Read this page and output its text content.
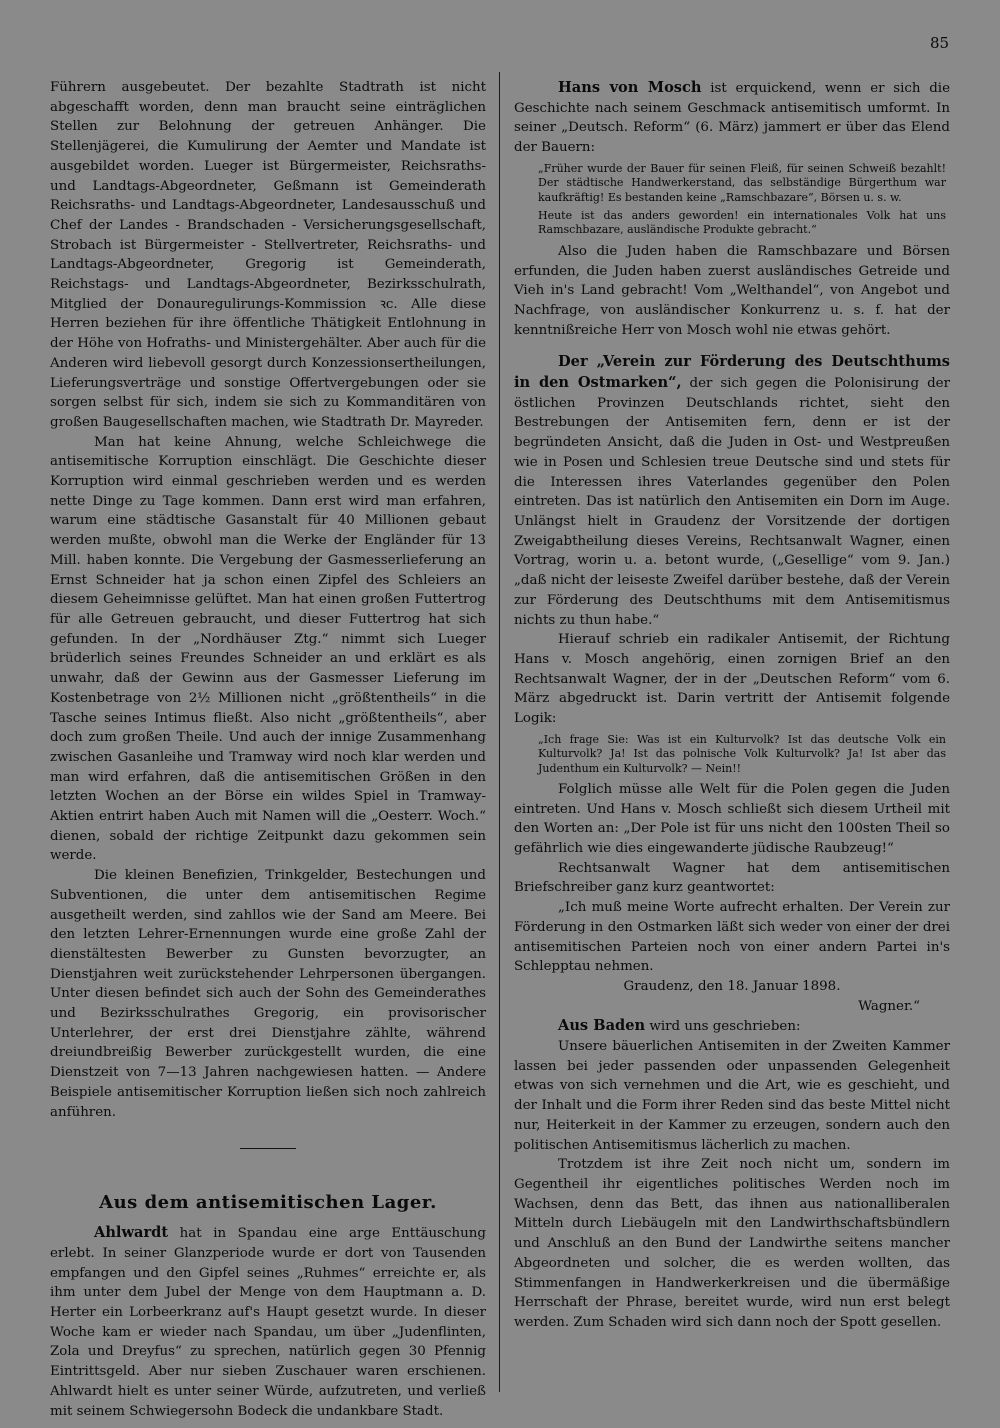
85

Führern ausgebeutet. Der bezahlte Stadtrath ist nicht abgeschafft worden, denn man braucht seine einträglichen Stellen zur Belohnung der getreuen Anhänger. Die Stellenjägerei, die Kumulirung der Aemter und Mandate ist ausgebildet worden. Lueger ist Bürgermeister, Reichsraths- und Landtags-Abgeordneter, Geßmann ist Gemeinderath Reichsraths- und Landtags-Abgeordneter, Landesausschuß und Chef der Landes - Brandschaden - Versicherungsgesellschaft, Strobach ist Bürgermeister - Stellvertreter, Reichsraths- und Landtags-Abgeordneter, Gregorig ist Gemeinderath, Reichstags- und Landtags-Abgeordneter, Bezirksschulrath, Mitglied der Donauregulirungs-Kommission ꝛc. Alle diese Herren beziehen für ihre öffentliche Thätigkeit Entlohnung in der Höhe von Hofraths- und Ministergehälter. Aber auch für die Anderen wird liebevoll gesorgt durch Konzessionsertheilungen, Lieferungsverträge und sonstige Offertvergebungen oder sie sorgen selbst für sich, indem sie sich zu Kommanditären von großen Baugesellschaften machen, wie Stadtrath Dr. Mayreder.

Man hat keine Ahnung, welche Schleichwege die antisemitische Korruption einschlägt. Die Geschichte dieser Korruption wird einmal geschrieben werden und es werden nette Dinge zu Tage kommen. Dann erst wird man erfahren, warum eine städtische Gasanstalt für 40 Millionen gebaut werden mußte, obwohl man die Werke der Engländer für 13 Mill. haben konnte. Die Vergebung der Gasmesserlieferung an Ernst Schneider hat ja schon einen Zipfel des Schleiers an diesem Geheimnisse gelüftet. Man hat einen großen Futtertrog für alle Getreuen gebraucht, und dieser Futtertrog hat sich gefunden. In der „Nordhäuser Ztg.“ nimmt sich Lueger brüderlich seines Freundes Schneider an und erklärt es als unwahr, daß der Gewinn aus der Gasmesser Lieferung im Kostenbetrage von 2½ Millionen nicht „größtentheils“ in die Tasche seines Intimus fließt. Also nicht „größtentheils“, aber doch zum großen Theile. Und auch der innige Zusammenhang zwischen Gasanleihe und Tramway wird noch klar werden und man wird erfahren, daß die antisemitischen Größen in den letzten Wochen an der Börse ein wildes Spiel in Tramway-Aktien entrirt haben Auch mit Namen will die „Oesterr. Woch.“ dienen, sobald der richtige Zeitpunkt dazu gekommen sein werde.

Die kleinen Benefizien, Trinkgelder, Bestechungen und Subventionen, die unter dem antisemitischen Regime ausgetheilt werden, sind zahllos wie der Sand am Meere. Bei den letzten Lehrer-Ernennungen wurde eine große Zahl der dienstältesten Bewerber zu Gunsten bevorzugter, an Dienstjahren weit zurückstehender Lehrpersonen übergangen. Unter diesen befindet sich auch der Sohn des Gemeinderathes und Bezirksschulrathes Gregorig, ein provisorischer Unterlehrer, der erst drei Dienstjahre zählte, während dreiundbreißig Bewerber zurückgestellt wurden, die eine Dienstzeit von 7—13 Jahren nachgewiesen hatten. — Andere Beispiele antisemitischer Korruption ließen sich noch zahlreich anführen.

Aus dem antisemitischen Lager.

Ahlwardt hat in Spandau eine arge Enttäuschung erlebt. In seiner Glanzperiode wurde er dort von Tausenden empfangen und den Gipfel seines „Ruhmes“ erreichte er, als ihm unter dem Jubel der Menge von dem Hauptmann a. D. Herter ein Lorbeerkranz auf's Haupt gesetzt wurde. In dieser Woche kam er wieder nach Spandau, um über „Judenflinten, Zola und Dreyfus“ zu sprechen, natürlich gegen 30 Pfennig Eintrittsgeld. Aber nur sieben Zuschauer waren erschienen. Ahlwardt hielt es unter seiner Würde, aufzutreten, und verließ mit seinem Schwiegersohn Bodeck die undankbare Stadt.

Hans von Mosch ist erquickend, wenn er sich die Geschichte nach seinem Geschmack antisemitisch umformt. In seiner „Deutsch. Reform“ (6. März) jammert er über das Elend der Bauern:

„Früher wurde der Bauer für seinen Fleiß, für seinen Schweiß bezahlt! Der städtische Handwerkerstand, das selbständige Bürgerthum war kaufkräftig! Es bestanden keine „Ramschbazare“, Börsen u. s. w.
Heute ist das anders geworden! ein internationales Volk hat uns Ramschbazare, ausländische Produkte gebracht.“

Also die Juden haben die Ramschbazare und Börsen erfunden, die Juden haben zuerst ausländisches Getreide und Vieh in's Land gebracht! Vom „Welthandel“, von Angebot und Nachfrage, von ausländischer Konkurrenz u. s. f. hat der kenntnißreiche Herr von Mosch wohl nie etwas gehört.

Der „Verein zur Förderung des Deutschthums in den Ostmarken“, der sich gegen die Polonisirung der östlichen Provinzen Deutschlands richtet, sieht den Bestrebungen der Antisemiten fern, denn er ist der begründeten Ansicht, daß die Juden in Ost- und Westpreußen wie in Posen und Schlesien treue Deutsche sind und stets für die Interessen ihres Vaterlandes gegenüber den Polen eintreten. Das ist natürlich den Antisemiten ein Dorn im Auge. Unlängst hielt in Graudenz der Vorsitzende der dortigen Zweigabtheilung dieses Vereins, Rechtsanwalt Wagner, einen Vortrag, worin u. a. betont wurde, („Gesellige“ vom 9. Jan.) „daß nicht der leiseste Zweifel darüber bestehe, daß der Verein zur Förderung des Deutschthums mit dem Antisemitismus nichts zu thun habe.“

Hierauf schrieb ein radikaler Antisemit, der Richtung Hans v. Mosch angehörig, einen zornigen Brief an den Rechtsanwalt Wagner, der in der „Deutschen Reform“ vom 6. März abgedruckt ist. Darin vertritt der Antisemit folgende Logik:

„Ich frage Sie: Was ist ein Kulturvolk? Ist das deutsche Volk ein Kulturvolk? Ja! Ist das polnische Volk Kulturvolk? Ja! Ist aber das Judenthum ein Kulturvolk? — Nein!!

Folglich müsse alle Welt für die Polen gegen die Juden eintreten. Und Hans v. Mosch schließt sich diesem Urtheil mit den Worten an: „Der Pole ist für uns nicht den 100sten Theil so gefährlich wie dies eingewanderte jüdische Raubzeug!“

Rechtsanwalt Wagner hat dem antisemitischen Briefschreiber ganz kurz geantwortet:

„Ich muß meine Worte aufrecht erhalten. Der Verein zur Förderung in den Ostmarken läßt sich weder von einer der drei antisemitischen Parteien noch von einer andern Partei in's Schlepptau nehmen.

Graudenz, den 18. Januar 1898.

Wagner.“

Aus Baden wird uns geschrieben:

Unsere bäuerlichen Antisemiten in der Zweiten Kammer lassen bei jeder passenden oder unpassenden Gelegenheit etwas von sich vernehmen und die Art, wie es geschieht, und der Inhalt und die Form ihrer Reden sind das beste Mittel nicht nur, Heiterkeit in der Kammer zu erzeugen, sondern auch den politischen Antisemitismus lächerlich zu machen.

Trotzdem ist ihre Zeit noch nicht um, sondern im Gegentheil ihr eigentliches politisches Werden noch im Wachsen, denn das Bett, das ihnen aus nationalliberalen Mitteln durch Liebäugeln mit den Landwirthschaftsbündlern und Anschluß an den Bund der Landwirthe seitens mancher Abgeordneten und solcher, die es werden wollten, das Stimmenfangen in Handwerkerkreisen und die übermäßige Herrschaft der Phrase, bereitet wurde, wird nun erst belegt werden. Zum Schaden wird sich dann noch der Spott gesellen.
